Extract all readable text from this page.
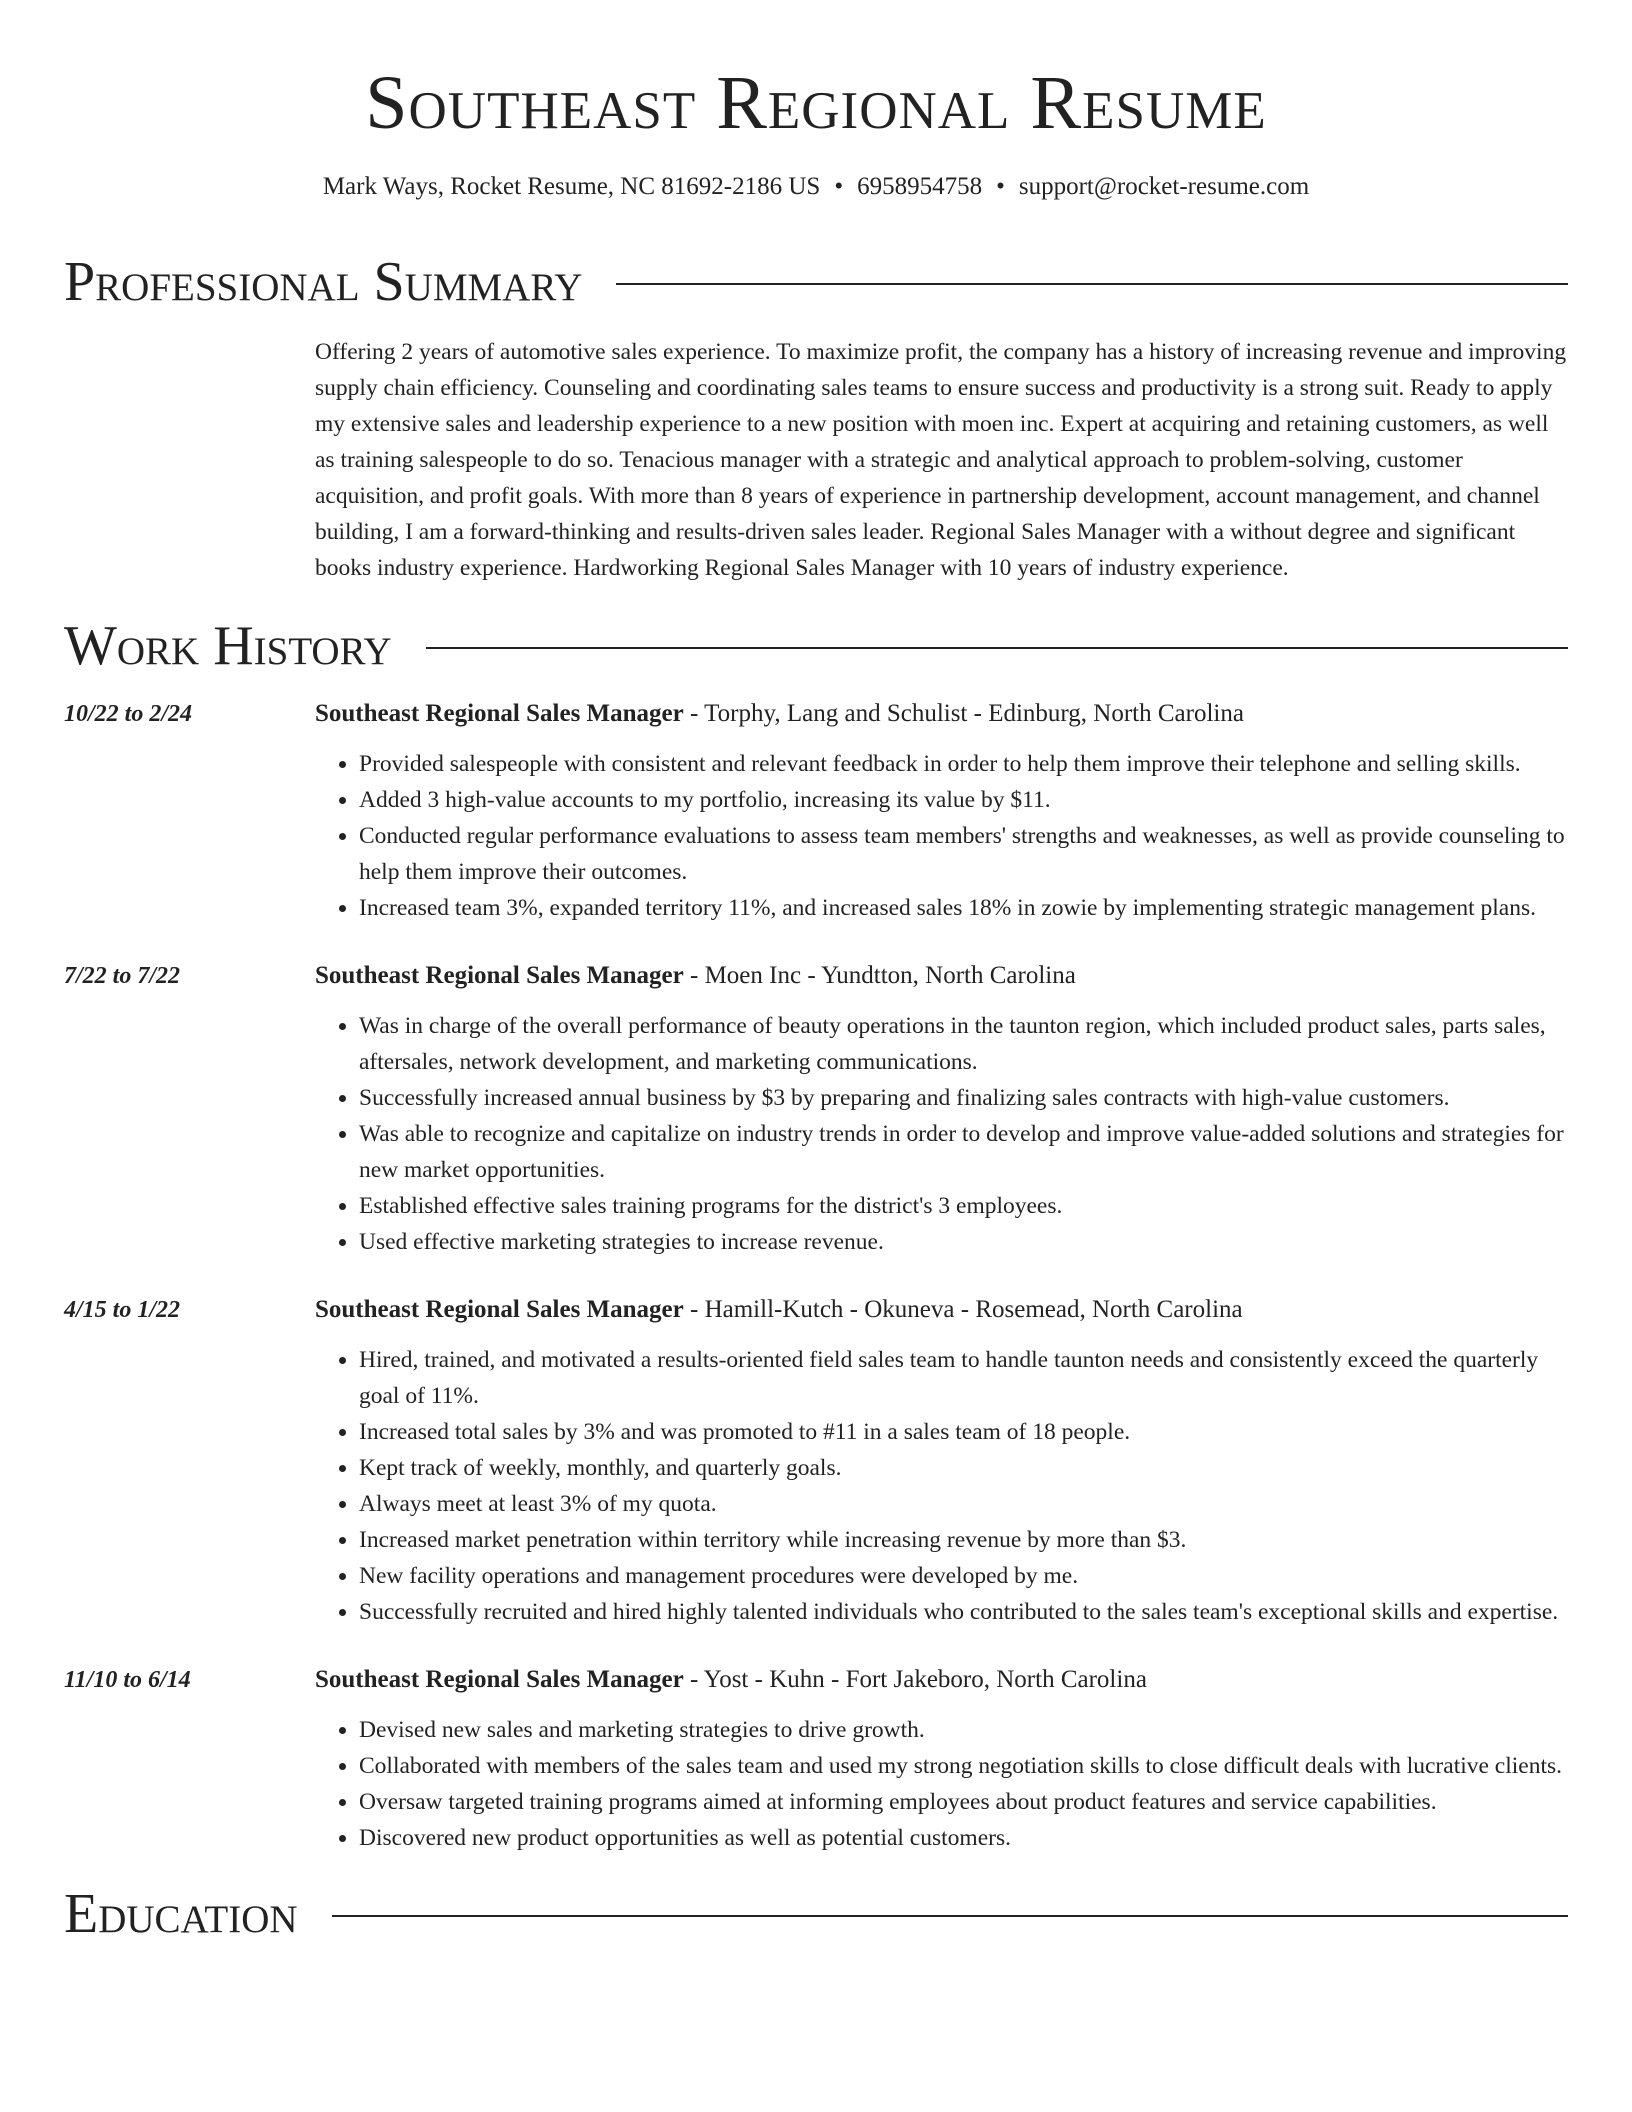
Southeast Regional Resume
Mark Ways, Rocket Resume, NC 81692-2186 US • 6958954758 • support@rocket-resume.com
Professional Summary
Offering 2 years of automotive sales experience. To maximize profit, the company has a history of increasing revenue and improving supply chain efficiency. Counseling and coordinating sales teams to ensure success and productivity is a strong suit. Ready to apply my extensive sales and leadership experience to a new position with moen inc. Expert at acquiring and retaining customers, as well as training salespeople to do so. Tenacious manager with a strategic and analytical approach to problem-solving, customer acquisition, and profit goals. With more than 8 years of experience in partnership development, account management, and channel building, I am a forward-thinking and results-driven sales leader. Regional Sales Manager with a without degree and significant books industry experience. Hardworking Regional Sales Manager with 10 years of industry experience.
Work History
10/22 to 2/24	Southeast Regional Sales Manager - Torphy, Lang and Schulist - Edinburg, North Carolina
• Provided salespeople with consistent and relevant feedback in order to help them improve their telephone and selling skills.
• Added 3 high-value accounts to my portfolio, increasing its value by $11.
• Conducted regular performance evaluations to assess team members' strengths and weaknesses, as well as provide counseling to help them improve their outcomes.
• Increased team 3%, expanded territory 11%, and increased sales 18% in zowie by implementing strategic management plans.
7/22 to 7/22	Southeast Regional Sales Manager - Moen Inc - Yundtton, North Carolina
• Was in charge of the overall performance of beauty operations in the taunton region, which included product sales, parts sales, aftersales, network development, and marketing communications.
• Successfully increased annual business by $3 by preparing and finalizing sales contracts with high-value customers.
• Was able to recognize and capitalize on industry trends in order to develop and improve value-added solutions and strategies for new market opportunities.
• Established effective sales training programs for the district's 3 employees.
• Used effective marketing strategies to increase revenue.
4/15 to 1/22	Southeast Regional Sales Manager - Hamill-Kutch - Okuneva - Rosemead, North Carolina
• Hired, trained, and motivated a results-oriented field sales team to handle taunton needs and consistently exceed the quarterly goal of 11%.
• Increased total sales by 3% and was promoted to #11 in a sales team of 18 people.
• Kept track of weekly, monthly, and quarterly goals.
• Always meet at least 3% of my quota.
• Increased market penetration within territory while increasing revenue by more than $3.
• New facility operations and management procedures were developed by me.
• Successfully recruited and hired highly talented individuals who contributed to the sales team's exceptional skills and expertise.
11/10 to 6/14	Southeast Regional Sales Manager - Yost - Kuhn - Fort Jakeboro, North Carolina
• Devised new sales and marketing strategies to drive growth.
• Collaborated with members of the sales team and used my strong negotiation skills to close difficult deals with lucrative clients.
• Oversaw targeted training programs aimed at informing employees about product features and service capabilities.
• Discovered new product opportunities as well as potential customers.
Education
